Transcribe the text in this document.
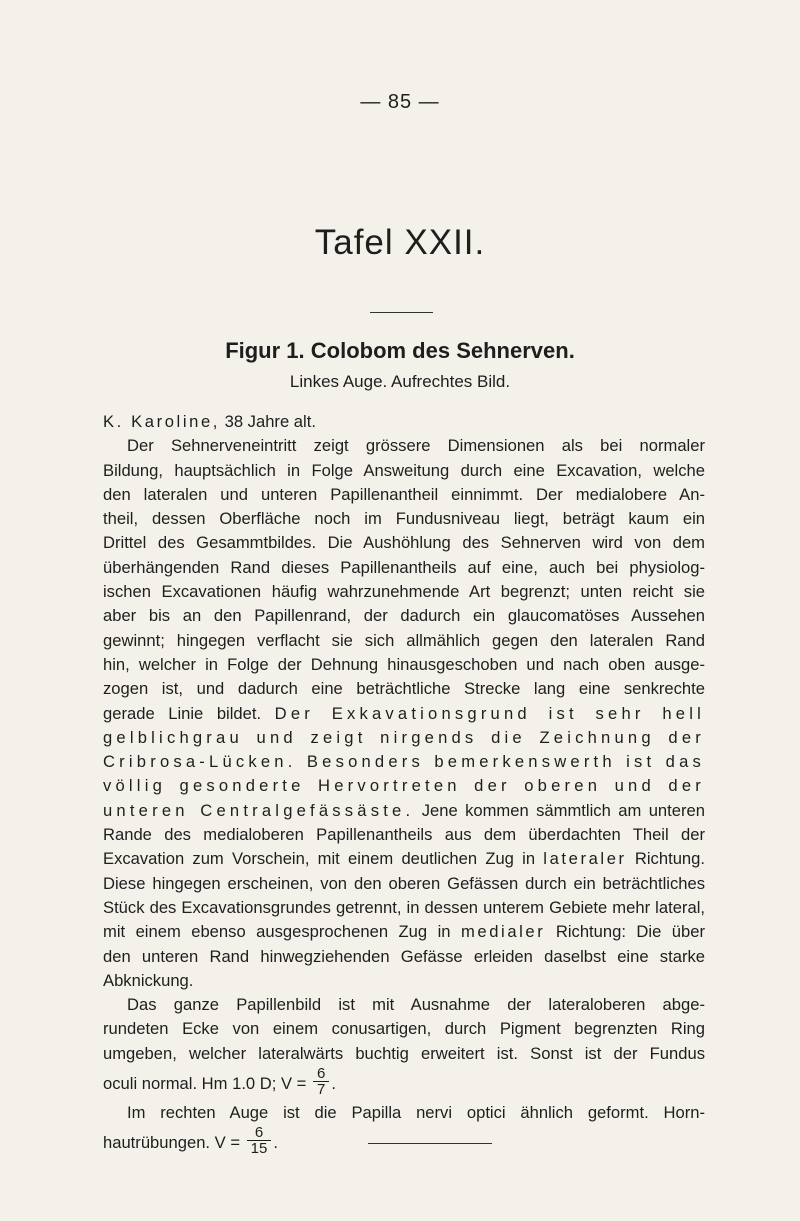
— 85 —
Tafel XXII.
Figur 1. Colobom des Sehnerven.
Linkes Auge. Aufrechtes Bild.
K. Karoline, 38 Jahre alt.
Der Sehnerveneintritt zeigt grössere Dimensionen als bei normaler
Bildung, hauptsächlich in Folge Answeitung durch eine Excavation, welche
den lateralen und unteren Papillenantheil einnimmt. Der medialobere An-
theil, dessen Oberfläche noch im Fundusniveau liegt, beträgt kaum ein
Drittel des Gesammtbildes. Die Aushöhlung des Sehnerven wird von dem
überhängenden Rand dieses Papillenantheils auf eine, auch bei physiolog-
ischen Excavationen häufig wahrzunehmende Art begrenzt; unten reicht sie
aber bis an den Papillenrand, der dadurch ein glaucomatöses Aussehen
gewinnt; hingegen verflacht sie sich allmählich gegen den lateralen Rand
hin, welcher in Folge der Dehnung hinausgeschoben und nach oben ausge-
zogen ist, und dadurch eine beträchtliche Strecke lang eine senkrechte
gerade Linie bildet. Der Exkavationsgrund ist sehr hell
gelblichgrau und zeigt nirgends die Zeichnung der
Cribrosa-Lücken. Besonders bemerkenswerth ist das
völlig gesonderte Hervortreten der oberen und der
unteren Centralgefässäste. Jene kommen sämmtlich am unteren
Rande des medialoberen Papillenantheils aus dem überdachten Theil der
Excavation zum Vorschein, mit einem deutlichen Zug in lateraler Richtung.
Diese hingegen erscheinen, von den oberen Gefässen durch ein beträchtliches
Stück des Excavationsgrundes getrennt, in dessen unterem Gebiete mehr lateral,
mit einem ebenso ausgesprochenen Zug in medialer Richtung: Die über
den unteren Rand hinwegziehenden Gefässe erleiden daselbst eine starke
Abknickung.
Das ganze Papillenbild ist mit Ausnahme der lateraloberen abge-
rundeten Ecke von einem conusartigen, durch Pigment begrenzten Ring
umgeben, welcher lateralwärts buchtig erweitert ist. Sonst ist der Fundus
oculi normal. Hm 1.0 D; $V = \frac{6}{7}$ .
Im rechten Auge ist die Papilla nervi optici ähnlich geformt. Horn-
hautrübungen. $V = \frac{6}{15}$ .
